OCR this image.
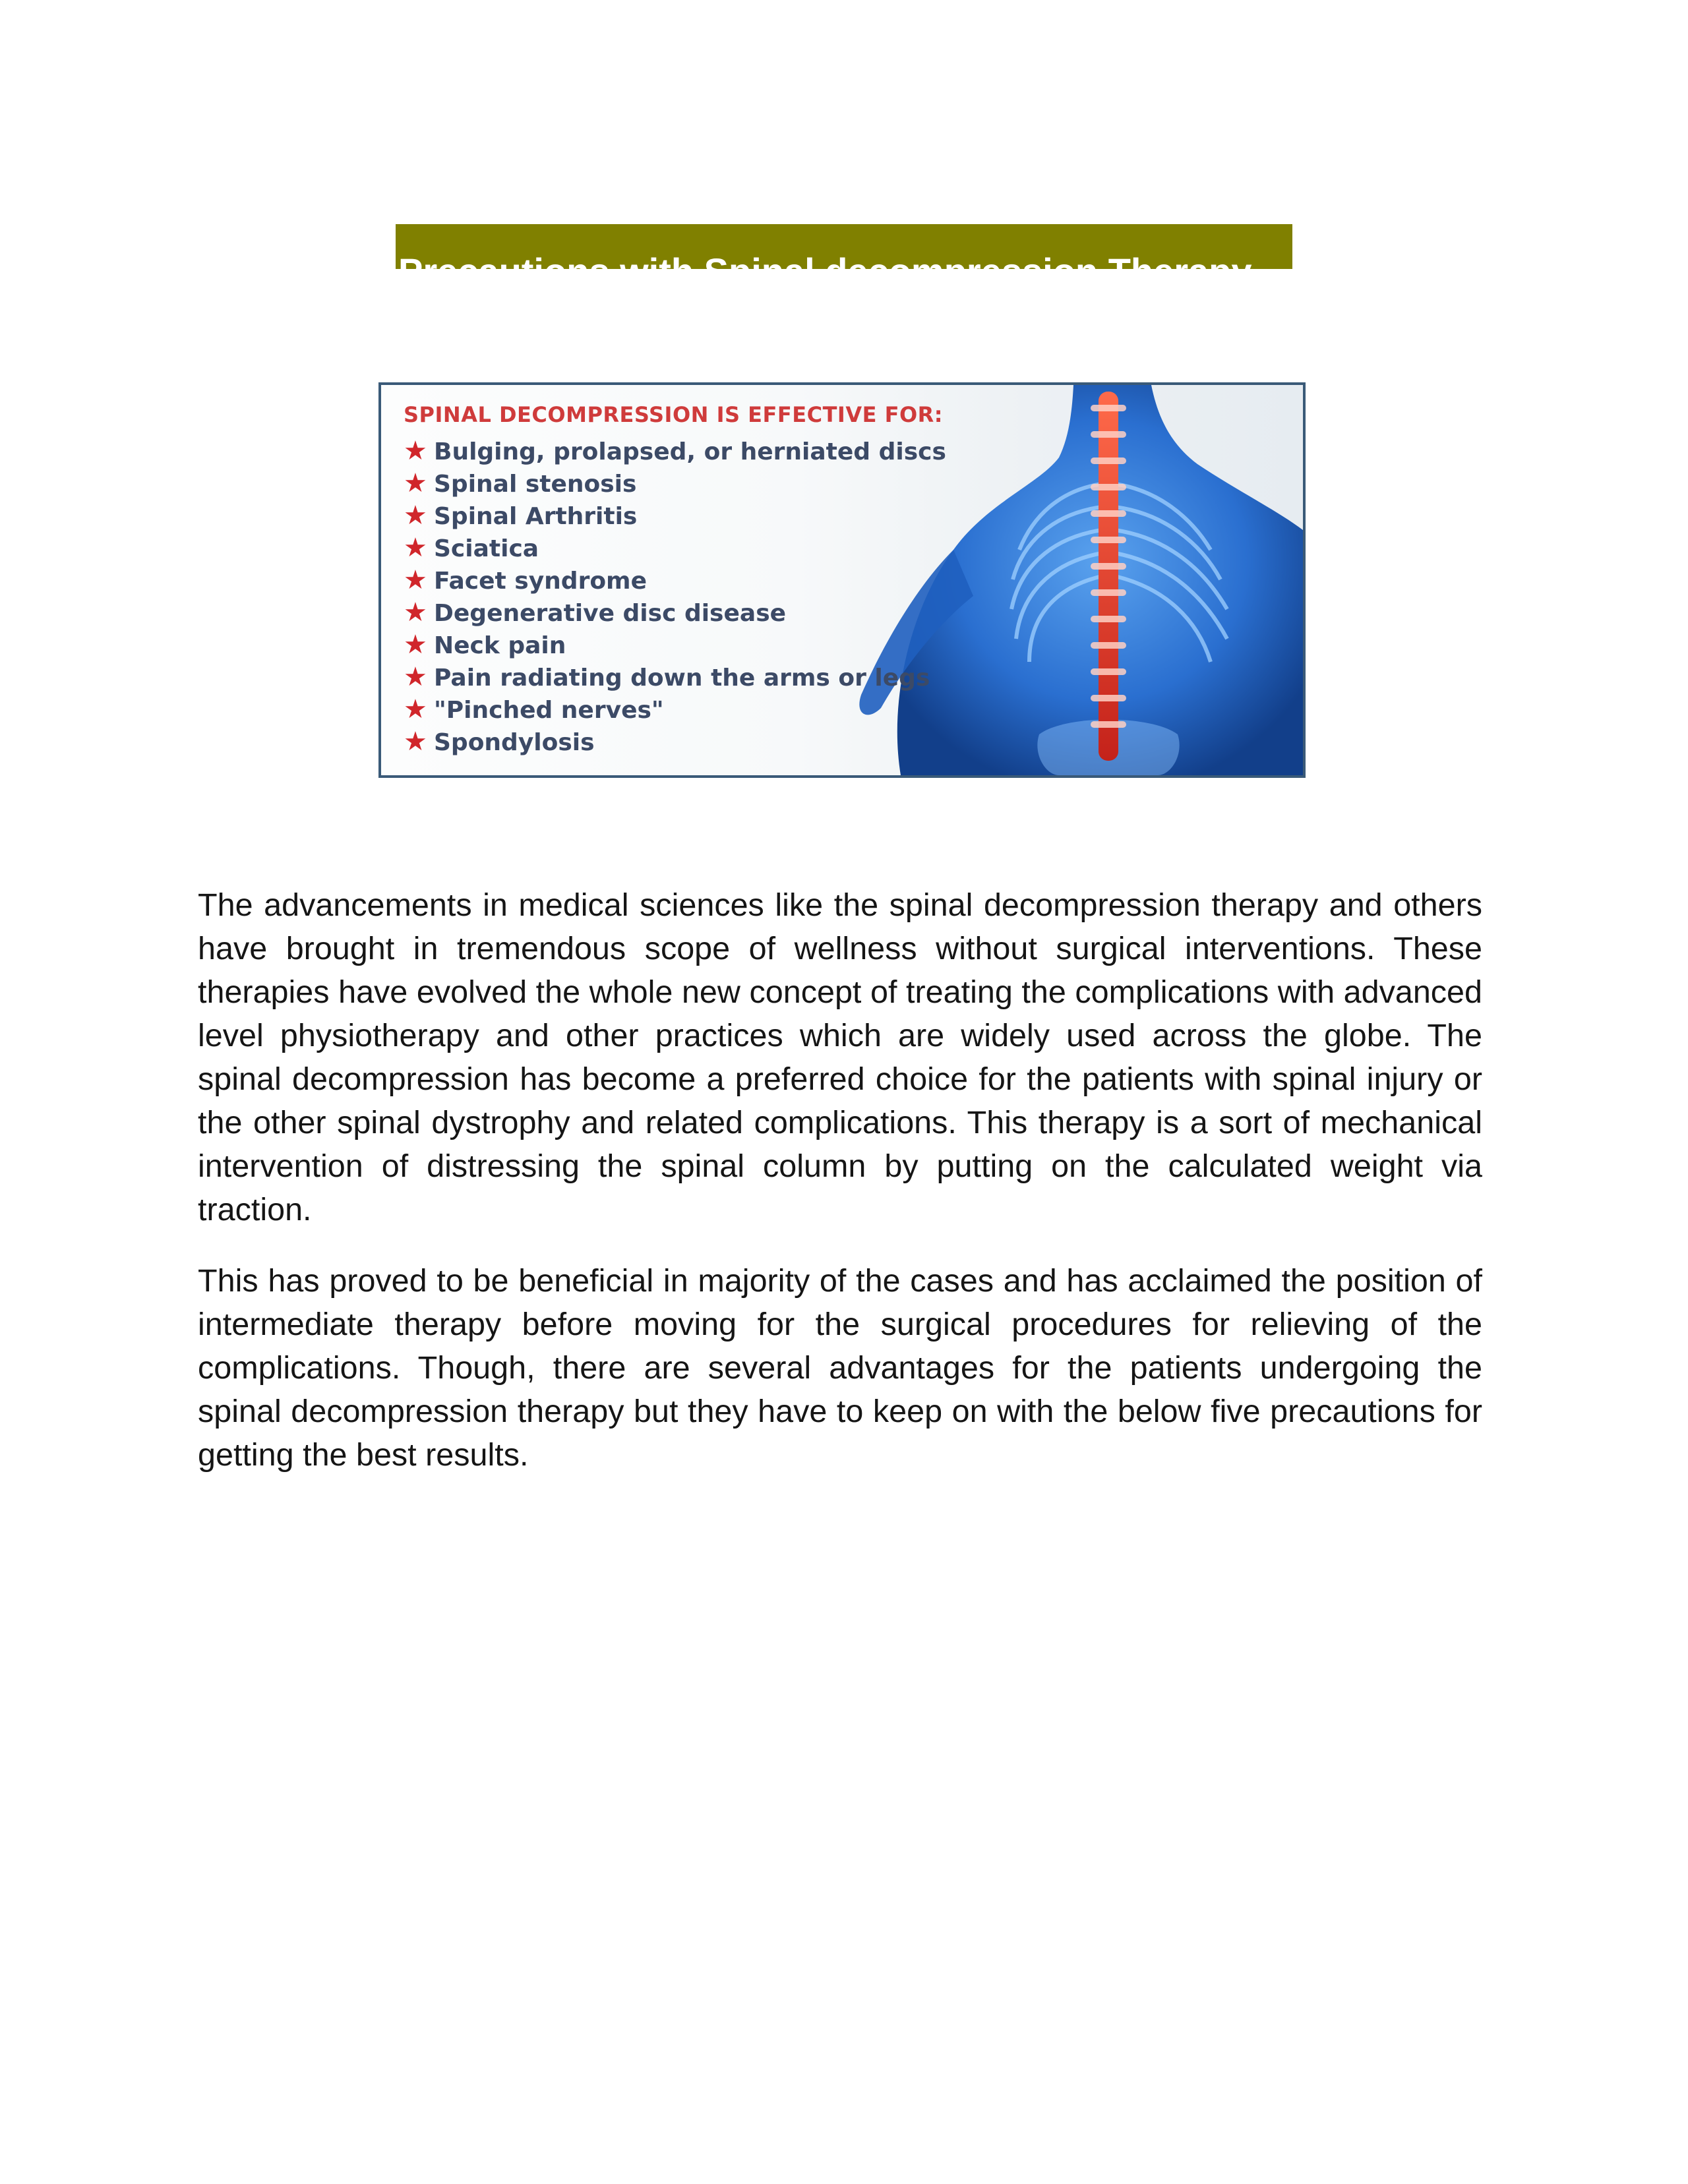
Precautions with Spinal decompression Therapy
SPINAL DECOMPRESSION IS EFFECTIVE FOR:
★ Bulging, prolapsed, or herniated discs
★ Spinal stenosis
★ Spinal Arthritis
★ Sciatica
★ Facet syndrome
★ Degenerative disc disease
★ Neck pain
★ Pain radiating down the arms or legs
★ "Pinched nerves"
★ Spondylosis

The advancements in medical sciences like the spinal decompression therapy and others have brought in tremendous scope of wellness without surgical interventions. These therapies have evolved the whole new concept of treating the complications with advanced level physiotherapy and other practices which are widely used across the globe. The spinal decompression has become a preferred choice for the patients with spinal injury or the other spinal dystrophy and related complications. This therapy is a sort of mechanical intervention of distressing the spinal column by putting on the calculated weight via traction.

This has proved to be beneficial in majority of the cases and has acclaimed the position of intermediate therapy before moving for the surgical procedures for relieving of the complications. Though, there are several advantages for the patients undergoing the spinal decompression therapy but they have to keep on with the below five precautions for getting the best results.
